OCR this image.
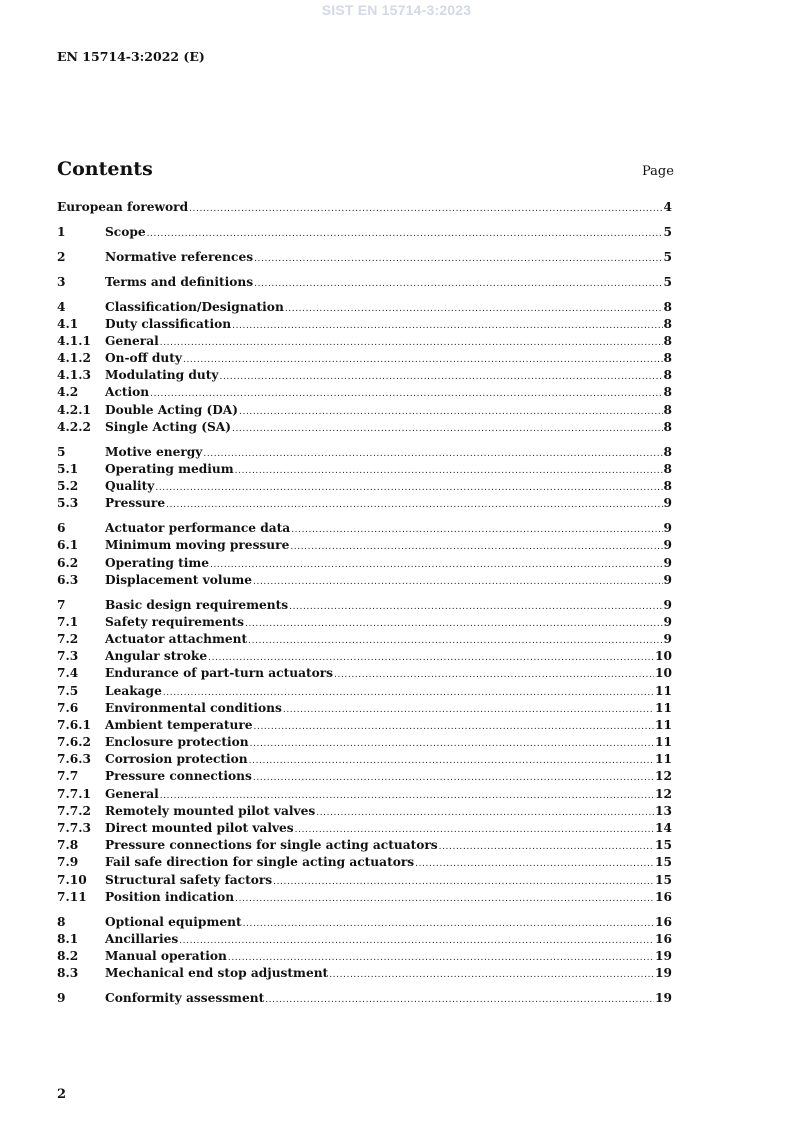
SIST EN 15714-3:2023
EN 15714-3:2022 (E)
Contents	Page
European foreword .....	4
1	Scope .....	5
2	Normative references .....	5
3	Terms and definitions .....	5
4	Classification/Designation .....	8
4.1	Duty classification .....	8
4.1.1	General .....	8
4.1.2	On-off duty .....	8
4.1.3	Modulating duty .....	8
4.2	Action .....	8
4.2.1	Double Acting (DA) .....	8
4.2.2	Single Acting (SA) .....	8
5	Motive energy .....	8
5.1	Operating medium .....	8
5.2	Quality .....	8
5.3	Pressure .....	9
6	Actuator performance data .....	9
6.1	Minimum moving pressure .....	9
6.2	Operating time .....	9
6.3	Displacement volume .....	9
7	Basic design requirements .....	9
7.1	Safety requirements .....	9
7.2	Actuator attachment .....	9
7.3	Angular stroke .....	10
7.4	Endurance of part-turn actuators .....	10
7.5	Leakage .....	11
7.6	Environmental conditions .....	11
7.6.1	Ambient temperature .....	11
7.6.2	Enclosure protection .....	11
7.6.3	Corrosion protection .....	11
7.7	Pressure connections .....	12
7.7.1	General .....	12
7.7.2	Remotely mounted pilot valves .....	13
7.7.3	Direct mounted pilot valves .....	14
7.8	Pressure connections for single acting actuators .....	15
7.9	Fail safe direction for single acting actuators .....	15
7.10	Structural safety factors .....	15
7.11	Position indication .....	16
8	Optional equipment .....	16
8.1	Ancillaries .....	16
8.2	Manual operation .....	19
8.3	Mechanical end stop adjustment .....	19
9	Conformity assessment .....	19
2
